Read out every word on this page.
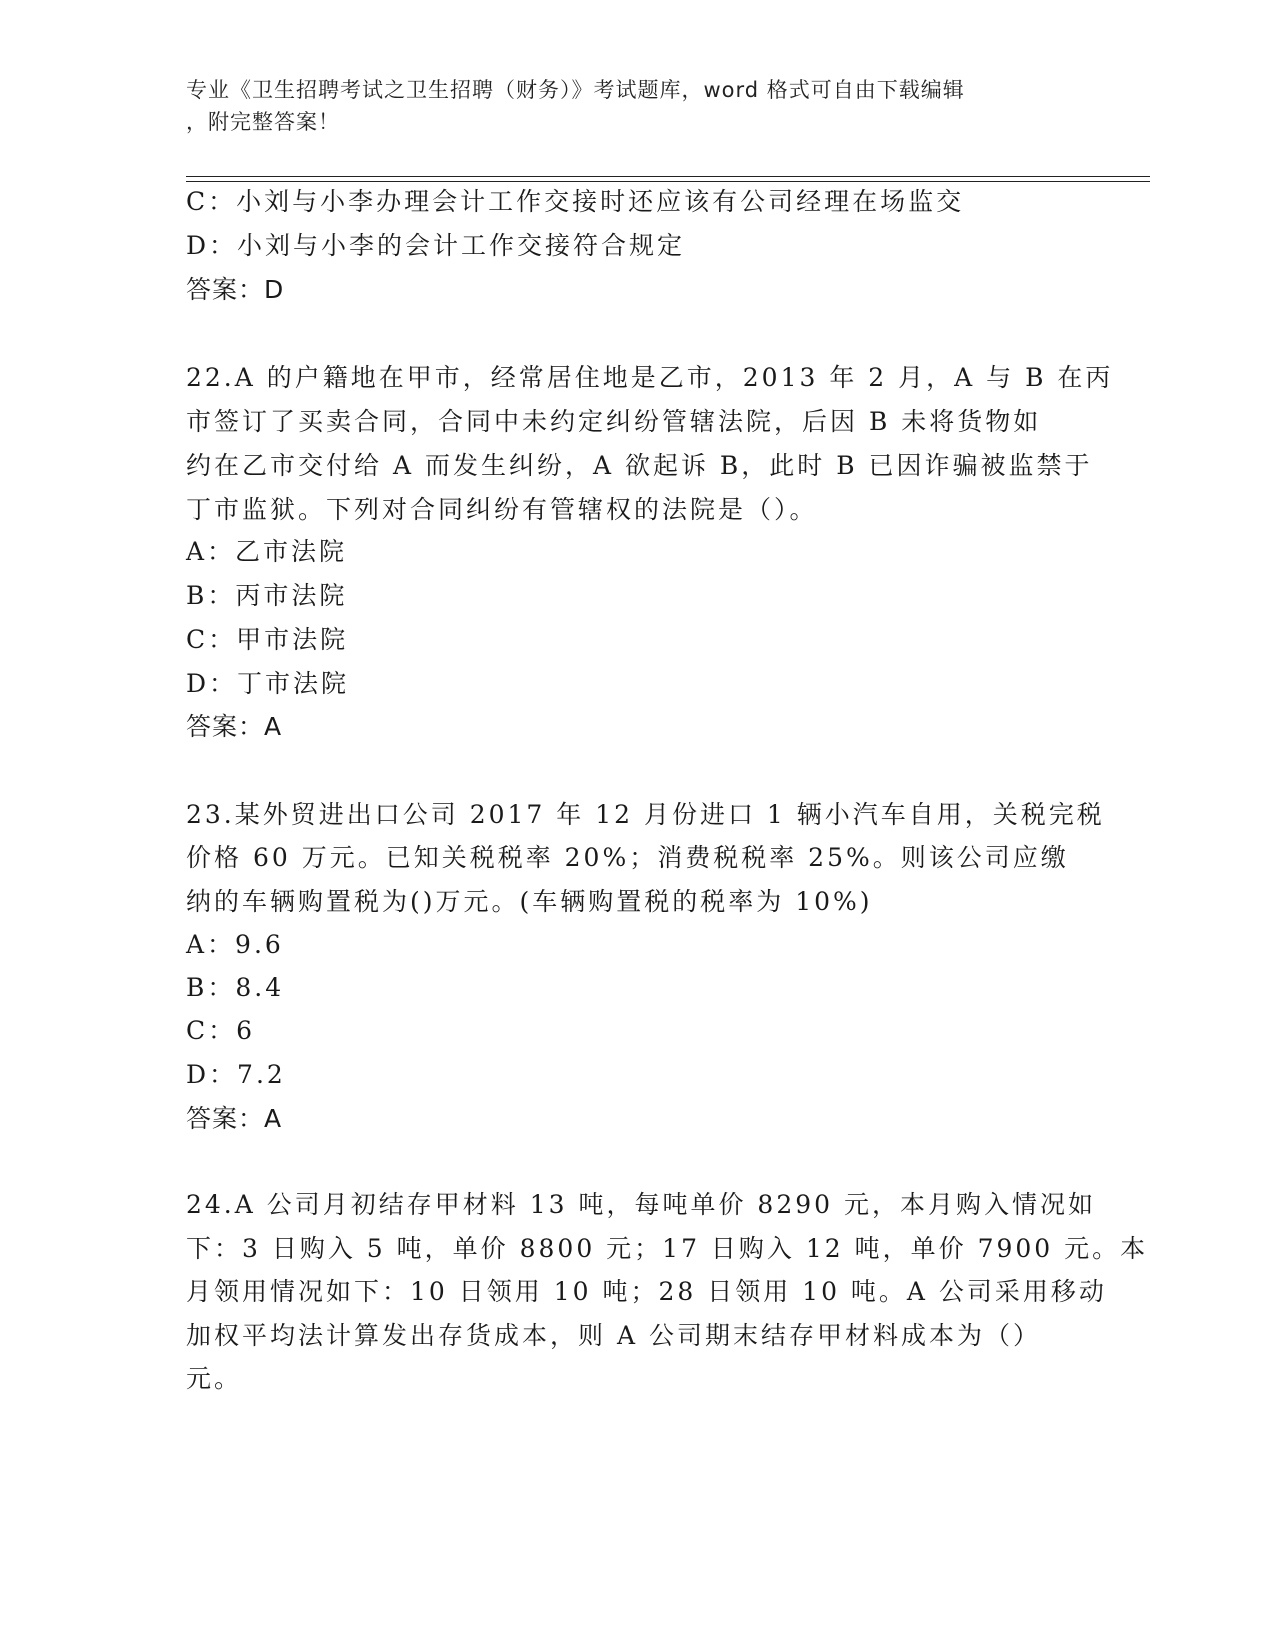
专业《卫生招聘考试之卫生招聘（财务）》考试题库，word 格式可自由下载编辑
，附完整答案！
C：小刘与小李办理会计工作交接时还应该有公司经理在场监交
D：小刘与小李的会计工作交接符合规定
答案：D
22.A 的户籍地在甲市，经常居住地是乙市，2013 年 2 月，A 与 B 在丙
市签订了买卖合同，合同中未约定纠纷管辖法院，后因 B 未将货物如
约在乙市交付给 A 而发生纠纷，A 欲起诉 B，此时 B 已因诈骗被监禁于
丁市监狱。下列对合同纠纷有管辖权的法院是（）。
A：乙市法院
B：丙市法院
C：甲市法院
D：丁市法院
答案：A
23.某外贸进出口公司 2017 年 12 月份进口 1 辆小汽车自用，关税完税
价格 60 万元。已知关税税率 20%；消费税税率 25%。则该公司应缴
纳的车辆购置税为()万元。(车辆购置税的税率为 10%)
A：9.6
B：8.4
C：6
D：7.2
答案：A
24.A 公司月初结存甲材料 13 吨，每吨单价 8290 元，本月购入情况如
下：3 日购入 5 吨，单价 8800 元；17 日购入 12 吨，单价 7900 元。本
月领用情况如下：10 日领用 10 吨；28 日领用 10 吨。A 公司采用移动
加权平均法计算发出存货成本，则 A 公司期末结存甲材料成本为（）
元。
